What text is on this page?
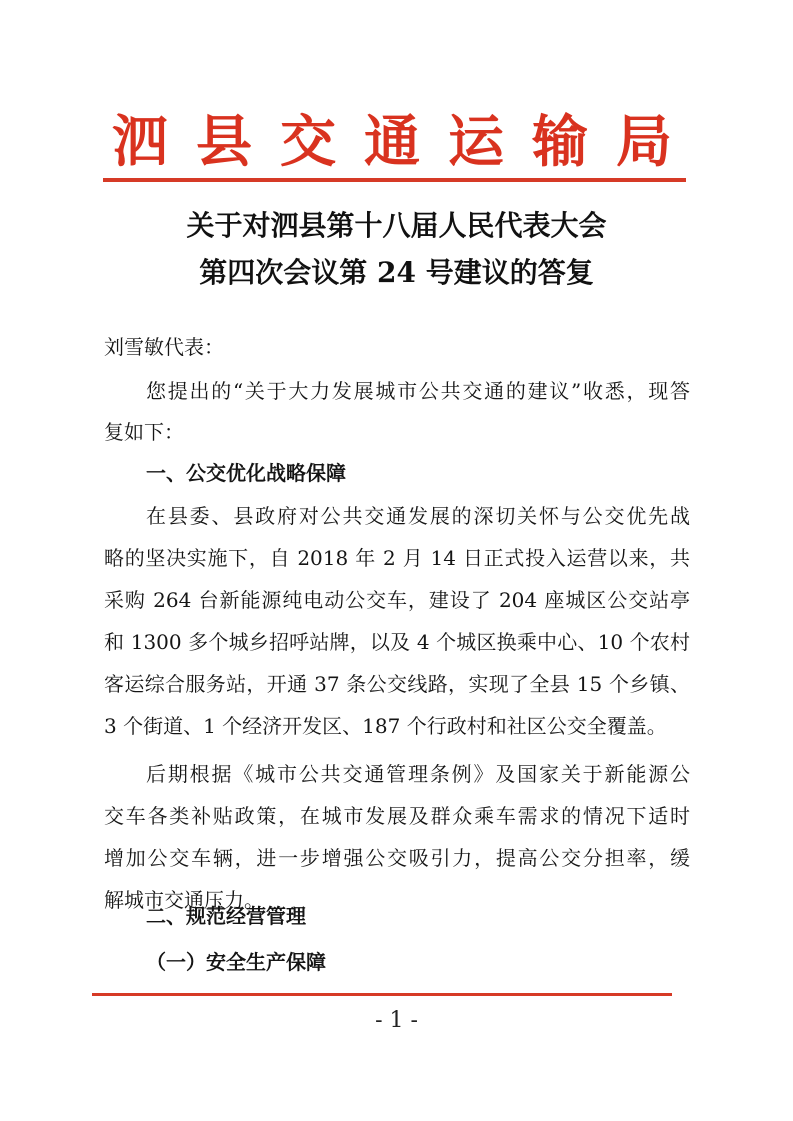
泗 县 交 通 运 输 局
关于对泗县第十八届人民代表大会
第四次会议第 24 号建议的答复

刘雪敏代表：

您提出的“关于大力发展城市公共交通的建议”收悉，现答

复如下：

一、公交优化战略保障

在县委、县政府对公共交通发展的深切关怀与公交优先战

略的坚决实施下，自 2018 年 2 月 14 日正式投入运营以来，共

采购 264 台新能源纯电动公交车，建设了 204 座城区公交站亭

和 1300 多个城乡招呼站牌，以及 4 个城区换乘中心、10 个农村

客运综合服务站，开通 37 条公交线路，实现了全县 15 个乡镇、

3 个街道、1 个经济开发区、187 个行政村和社区公交全覆盖。

后期根据《城市公共交通管理条例》及国家关于新能源公

交车各类补贴政策，在城市发展及群众乘车需求的情况下适时

增加公交车辆，进一步增强公交吸引力，提高公交分担率，缓

解城市交通压力。

二、规范经营管理

- 1 -

（一）安全生产保障
